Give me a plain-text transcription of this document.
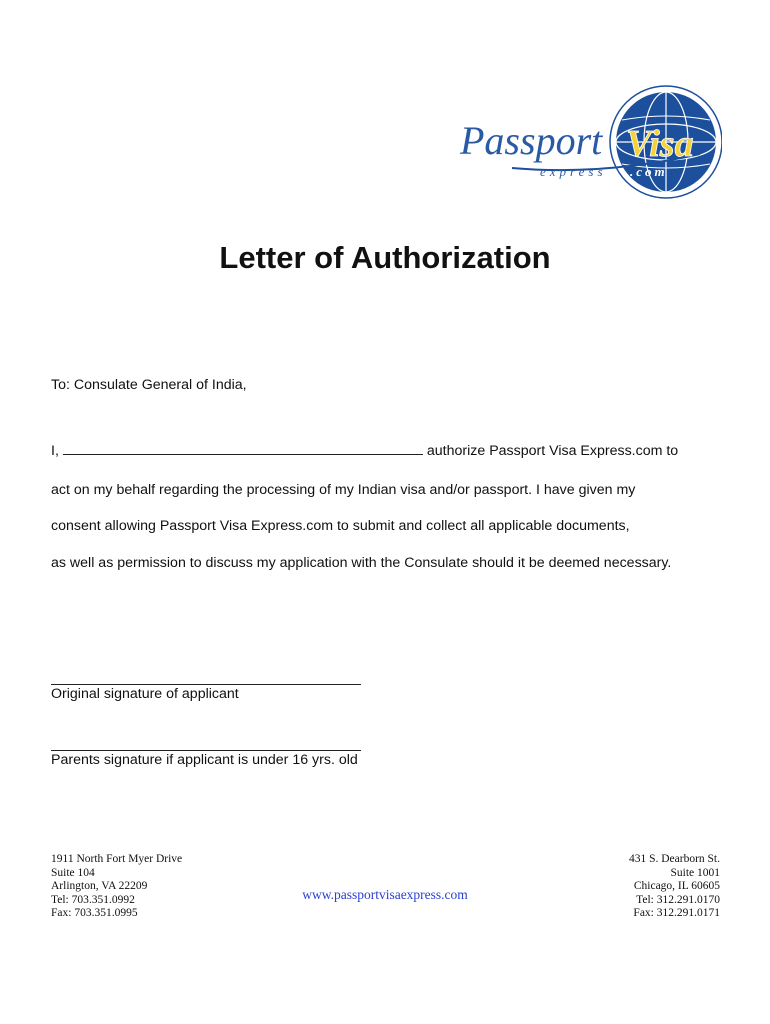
Passport Visa
express .com
Letter of Authorization
To: Consulate General of India,
I,	authorize Passport Visa Express.com to
act on my behalf regarding the processing of my Indian visa and/or passport. I have given my
consent allowing Passport Visa Express.com to submit and collect all applicable documents,
as well as permission to discuss my application with the Consulate should it be deemed necessary.
Original signature of applicant
Parents signature if applicant is under 16 yrs. old
1911 North Fort Myer Drive
Suite 104
Arlington, VA 22209
Tel: 703.351.0992
Fax: 703.351.0995
www.passportvisaexpress.com
431 S. Dearborn St.
Suite 1001
Chicago, IL 60605
Tel: 312.291.0170
Fax: 312.291.0171
